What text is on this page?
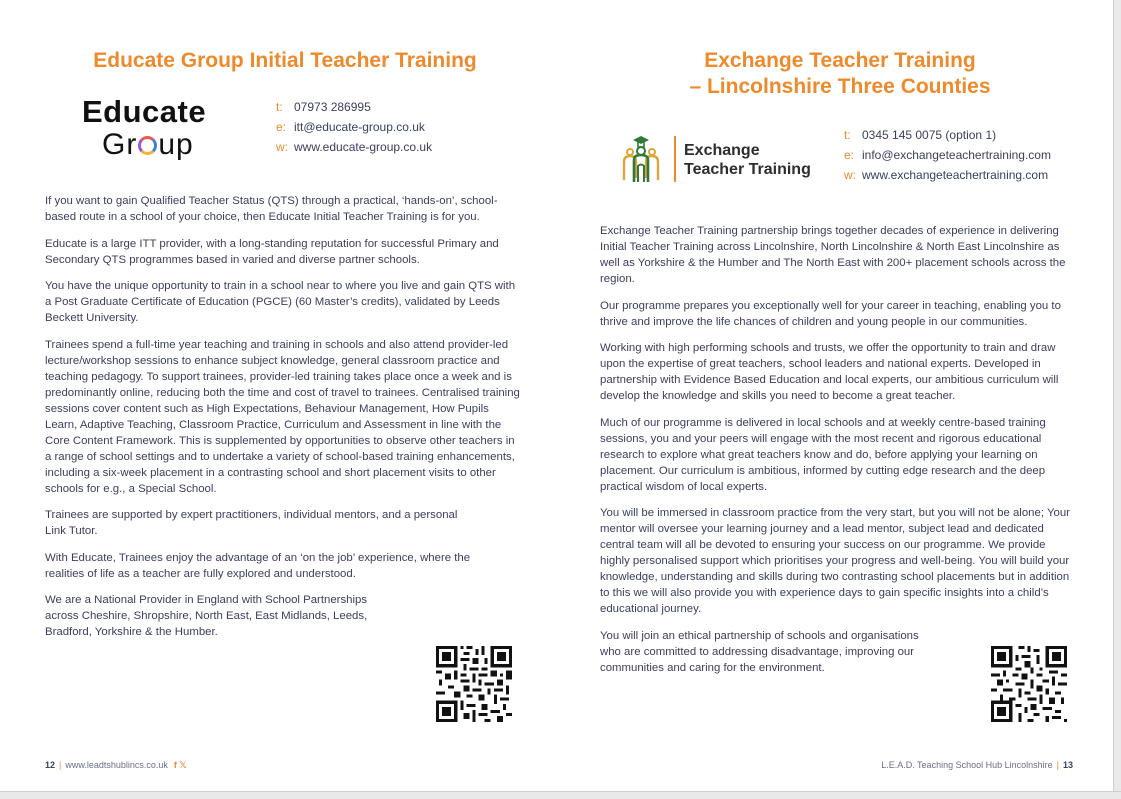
Educate Group Initial Teacher Training
Educate
Gr up
t: 07973 286995
e: itt@educate-group.co.uk
w: www.educate-group.co.uk

If you want to gain Qualified Teacher Status (QTS) through a practical, ‘hands-on’, school-based route in a school of your choice, then Educate Initial Teacher Training is for you.

Educate is a large ITT provider, with a long-standing reputation for successful Primary and Secondary QTS programmes based in varied and diverse partner schools.

You have the unique opportunity to train in a school near to where you live and gain QTS with a Post Graduate Certificate of Education (PGCE) (60 Master’s credits), validated by Leeds Beckett University.

Trainees spend a full-time year teaching and training in schools and also attend provider-led lecture/workshop sessions to enhance subject knowledge, general classroom practice and teaching pedagogy. To support trainees, provider-led training takes place once a week and is predominantly online, reducing both the time and cost of travel to trainees. Centralised training sessions cover content such as High Expectations, Behaviour Management, How Pupils Learn, Adaptive Teaching, Classroom Practice, Curriculum and Assessment in line with the Core Content Framework. This is supplemented by opportunities to observe other teachers in a range of school settings and to undertake a variety of school-based training enhancements, including a six-week placement in a contrasting school and short placement visits to other schools for e.g., a Special School.

Trainees are supported by expert practitioners, individual mentors, and a personal Link Tutor.

With Educate, Trainees enjoy the advantage of an ‘on the job’ experience, where the realities of life as a teacher are fully explored and understood.

We are a National Provider in England with School Partnerships across Cheshire, Shropshire, North East, East Midlands, Leeds, Bradford, Yorkshire & the Humber.

12 | www.leadtshublincs.co.uk f 𝕏
Exchange Teacher Training
– Lincolnshire Three Counties
Exchange
Teacher Training
t: 0345 145 0075 (option 1)
e: info@exchangeteachertraining.com
w: www.exchangeteachertraining.com

Exchange Teacher Training partnership brings together decades of experience in delivering Initial Teacher Training across Lincolnshire, North Lincolnshire & North East Lincolnshire as well as Yorkshire & the Humber and The North East with 200+ placement schools across the region.

Our programme prepares you exceptionally well for your career in teaching, enabling you to thrive and improve the life chances of children and young people in our communities.

Working with high performing schools and trusts, we offer the opportunity to train and draw upon the expertise of great teachers, school leaders and national experts. Developed in partnership with Evidence Based Education and local experts, our ambitious curriculum will develop the knowledge and skills you need to become a great teacher.

Much of our programme is delivered in local schools and at weekly centre-based training sessions, you and your peers will engage with the most recent and rigorous educational research to explore what great teachers know and do, before applying your learning on placement. Our curriculum is ambitious, informed by cutting edge research and the deep practical wisdom of local experts.

You will be immersed in classroom practice from the very start, but you will not be alone; Your mentor will oversee your learning journey and a lead mentor, subject lead and dedicated central team will all be devoted to ensuring your success on our programme. We provide highly personalised support which prioritises your progress and well-being. You will build your knowledge, understanding and skills during two contrasting school placements but in addition to this we will also provide you with experience days to gain specific insights into a child’s educational journey.

You will join an ethical partnership of schools and organisations who are committed to addressing disadvantage, improving our communities and caring for the environment.

L.E.A.D. Teaching School Hub Lincolnshire | 13
